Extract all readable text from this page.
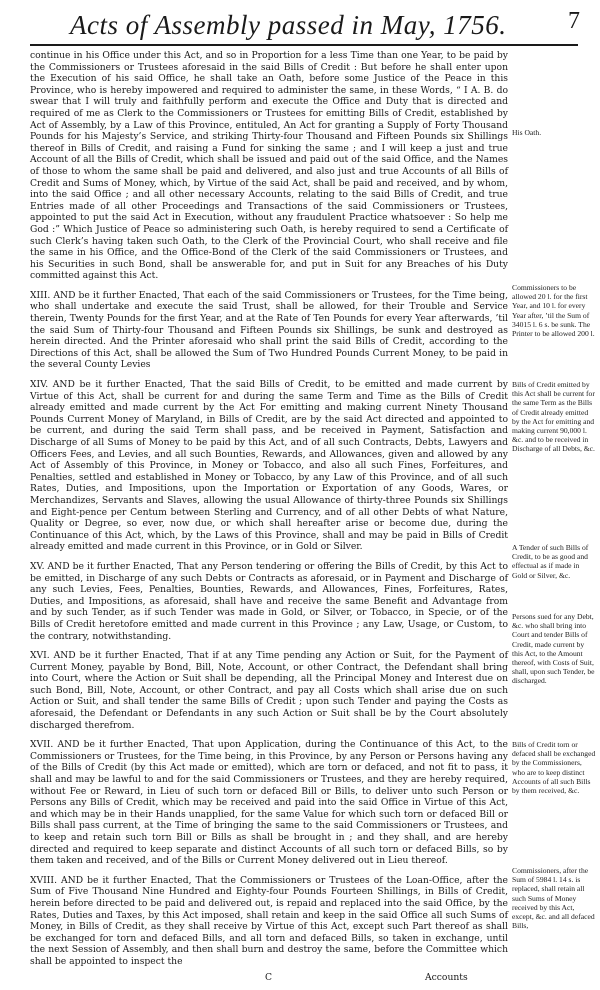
Acts of Assembly passed in May, 1756.	7

continue in his Office under this Act, and so in Proportion for a less Time than one Year, to be paid by the Commissioners or Trustees aforesaid in the said Bills of Credit : But before he shall enter upon the Execution of his said Office, he shall take an Oath, before some Justice of the Peace in this Province, who is hereby impowered and required to administer the same, in these Words, “ I A. B. do swear that I will truly and faithfully perform and execute the Office and Duty that is directed and required of me as Clerk to the Commissioners or Trustees for emitting Bills of Credit, established by Act of Assembly, by a Law of this Province, entituled, An Act for granting a Supply of Forty Thousand Pounds for his Majesty’s Service, and striking Thirty-four Thousand and Fifteen Pounds six Shillings thereof in Bills of Credit, and raising a Fund for sinking the same ; and I will keep a just and true Account of all the Bills of Credit, which shall be issued and paid out of the said Office, and the Names of those to whom the same shall be paid and delivered, and also just and true Accounts of all Bills of Credit and Sums of Money, which, by Virtue of the said Act, shall be paid and received, and by whom, into the said Office ; and all other necessary Accounts, relating to the said Bills of Credit, and true Entries made of all other Proceedings and Transactions of the said Commissioners or Trustees, appointed to put the said Act in Execution, without any fraudulent Practice whatsoever : So help me God :” Which Justice of Peace so administering such Oath, is hereby required to send a Certificate of such Clerk’s having taken such Oath, to the Clerk of the Provincial Court, who shall receive and file the same in his Office, and the Office-Bond of the Clerk of the said Commissioners or Trustees, and his Securities in such Bond, shall be answerable for, and put in Suit for any Breaches of his Duty committed against this Act.

XIII. AND be it further Enacted, That each of the said Commissioners or Trustees, for the Time being, who shall undertake and execute the said Trust, shall be allowed, for their Trouble and Service therein, Twenty Pounds for the first Year, and at the Rate of Ten Pounds for every Year afterwards, ’til the said Sum of Thirty-four Thousand and Fifteen Pounds six Shillings, be sunk and destroyed as herein directed. And the Printer aforesaid who shall print the said Bills of Credit, according to the Directions of this Act, shall be allowed the Sum of Two Hundred Pounds Current Money, to be paid in the several County Levies

XIV. AND be it further Enacted, That the said Bills of Credit, to be emitted and made current by Virtue of this Act, shall be current for and during the same Term and Time as the Bills of Credit already emitted and made current by the Act For emitting and making current Ninety Thousand Pounds Current Money of Maryland, in Bills of Credit, are by the said Act directed and appointed to be current, and during the said Term shall pass, and be received in Payment, Satisfaction and Discharge of all Sums of Money to be paid by this Act, and of all such Contracts, Debts, Lawyers and Officers Fees, and Levies, and all such Bounties, Rewards, and Allowances, given and allowed by any Act of Assembly of this Province, in Money or Tobacco, and also all such Fines, Forfeitures, and Penalties, settled and established in Money or Tobacco, by any Law of this Province, and of all such Rates, Duties, and Impositions, upon the Importation or Exportation of any Goods, Wares, or Merchandizes, Servants and Slaves, allowing the usual Allowance of thirty-three Pounds six Shillings and Eight-pence per Centum between Sterling and Currency, and of all other Debts of what Nature, Quality or Degree, so ever, now due, or which shall hereafter arise or become due, during the Continuance of this Act, which, by the Laws of this Province, shall and may be paid in Bills of Credit already emitted and made current in this Province, or in Gold or Silver.

XV. AND be it further Enacted, That any Person tendering or offering the Bills of Credit, by this Act to be emitted, in Discharge of any such Debts or Contracts as aforesaid, or in Payment and Discharge of any such Levies, Fees, Penalties, Bounties, Rewards, and Allowances, Fines, Forfeitures, Rates, Duties, and Impositions, as aforesaid, shall have and receive the same Benefit and Advantage from and by such Tender, as if such Tender was made in Gold, or Silver, or Tobacco, in Specie, or of the Bills of Credit heretofore emitted and made current in this Province ; any Law, Usage, or Custom, to the contrary, notwithstanding.

XVI. AND be it further Enacted, That if at any Time pending any Action or Suit, for the Payment of Current Money, payable by Bond, Bill, Note, Account, or other Contract, the Defendant shall bring into Court, where the Action or Suit shall be depending, all the Principal Money and Interest due on such Bond, Bill, Note, Account, or other Contract, and pay all Costs which shall arise due on such Action or Suit, and shall tender the same Bills of Credit ; upon such Tender and paying the Costs as aforesaid, the Defendant or Defendants in any such Action or Suit shall be by the Court absolutely discharged therefrom.

XVII. AND be it further Enacted, That upon Application, during the Continuance of this Act, to the Commissioners or Trustees, for the Time being, in this Province, by any Person or Persons having any of the Bills of Credit (by this Act made or emitted), which are torn or defaced, and not fit to pass, it shall and may be lawful to and for the said Commissioners or Trustees, and they are hereby required, without Fee or Reward, in Lieu of such torn or defaced Bill or Bills, to deliver unto such Person or Persons any Bills of Credit, which may be received and paid into the said Office in Virtue of this Act, and which may be in their Hands unapplied, for the same Value for which such torn or defaced Bill or Bills shall pass current, at the Time of bringing the same to the said Commissioners or Trustees, and to keep and retain such torn Bill or Bills as shall be brought in ; and they shall, and are hereby directed and required to keep separate and distinct Accounts of all such torn or defaced Bills, so by them taken and received, and of the Bills or Current Money delivered out in Lieu thereof.

XVIII. AND be it further Enacted, That the Commissioners or Trustees of the Loan-Office, after the Sum of Five Thousand Nine Hundred and Eighty-four Pounds Fourteen Shillings, in Bills of Credit, herein before directed to be paid and delivered out, is repaid and replaced into the said Office, by the Rates, Duties and Taxes, by this Act imposed, shall retain and keep in the said Office all such Sums of Money, in Bills of Credit, as they shall receive by Virtue of this Act, except such Part thereof as shall be exchanged for torn and defaced Bills, and all torn and defaced Bills, so taken in exchange, until the next Session of Assembly, and then shall burn and destroy the same, before the Committee which shall be appointed to inspect the

His Oath.
Commissioners to be allowed 20 l. for the first Year, and 10 l. for every Year after, ’til the Sum of 34015 l. 6 s. be sunk. The Printer to be allowed 200 l.
Bills of Credit emitted by this Act shall be current for the same Term as the Bills of Credit already emitted by the Act for emitting and making current 90,000 l. &c. and to be received in Discharge of all Debts, &c.
A Tender of such Bills of Credit, to be as good and effectual as if made in Gold or Silver, &c.
Persons sued for any Debt, &c. who shall bring into Court and tender Bills of Credit, made current by this Act, to the Amount thereof, with Costs of Suit, shall, upon such Tender, be discharged.
Bills of Credit torn or defaced shall be exchanged by the Commissioners, who are to keep distinct Accounts of all such Bills by them received, &c.
Commissioners, after the Sum of 5984 l. 14 s. is replaced, shall retain all such Sums of Money received by this Act, except, &c. and all defaced Bills,
C	Accounts
